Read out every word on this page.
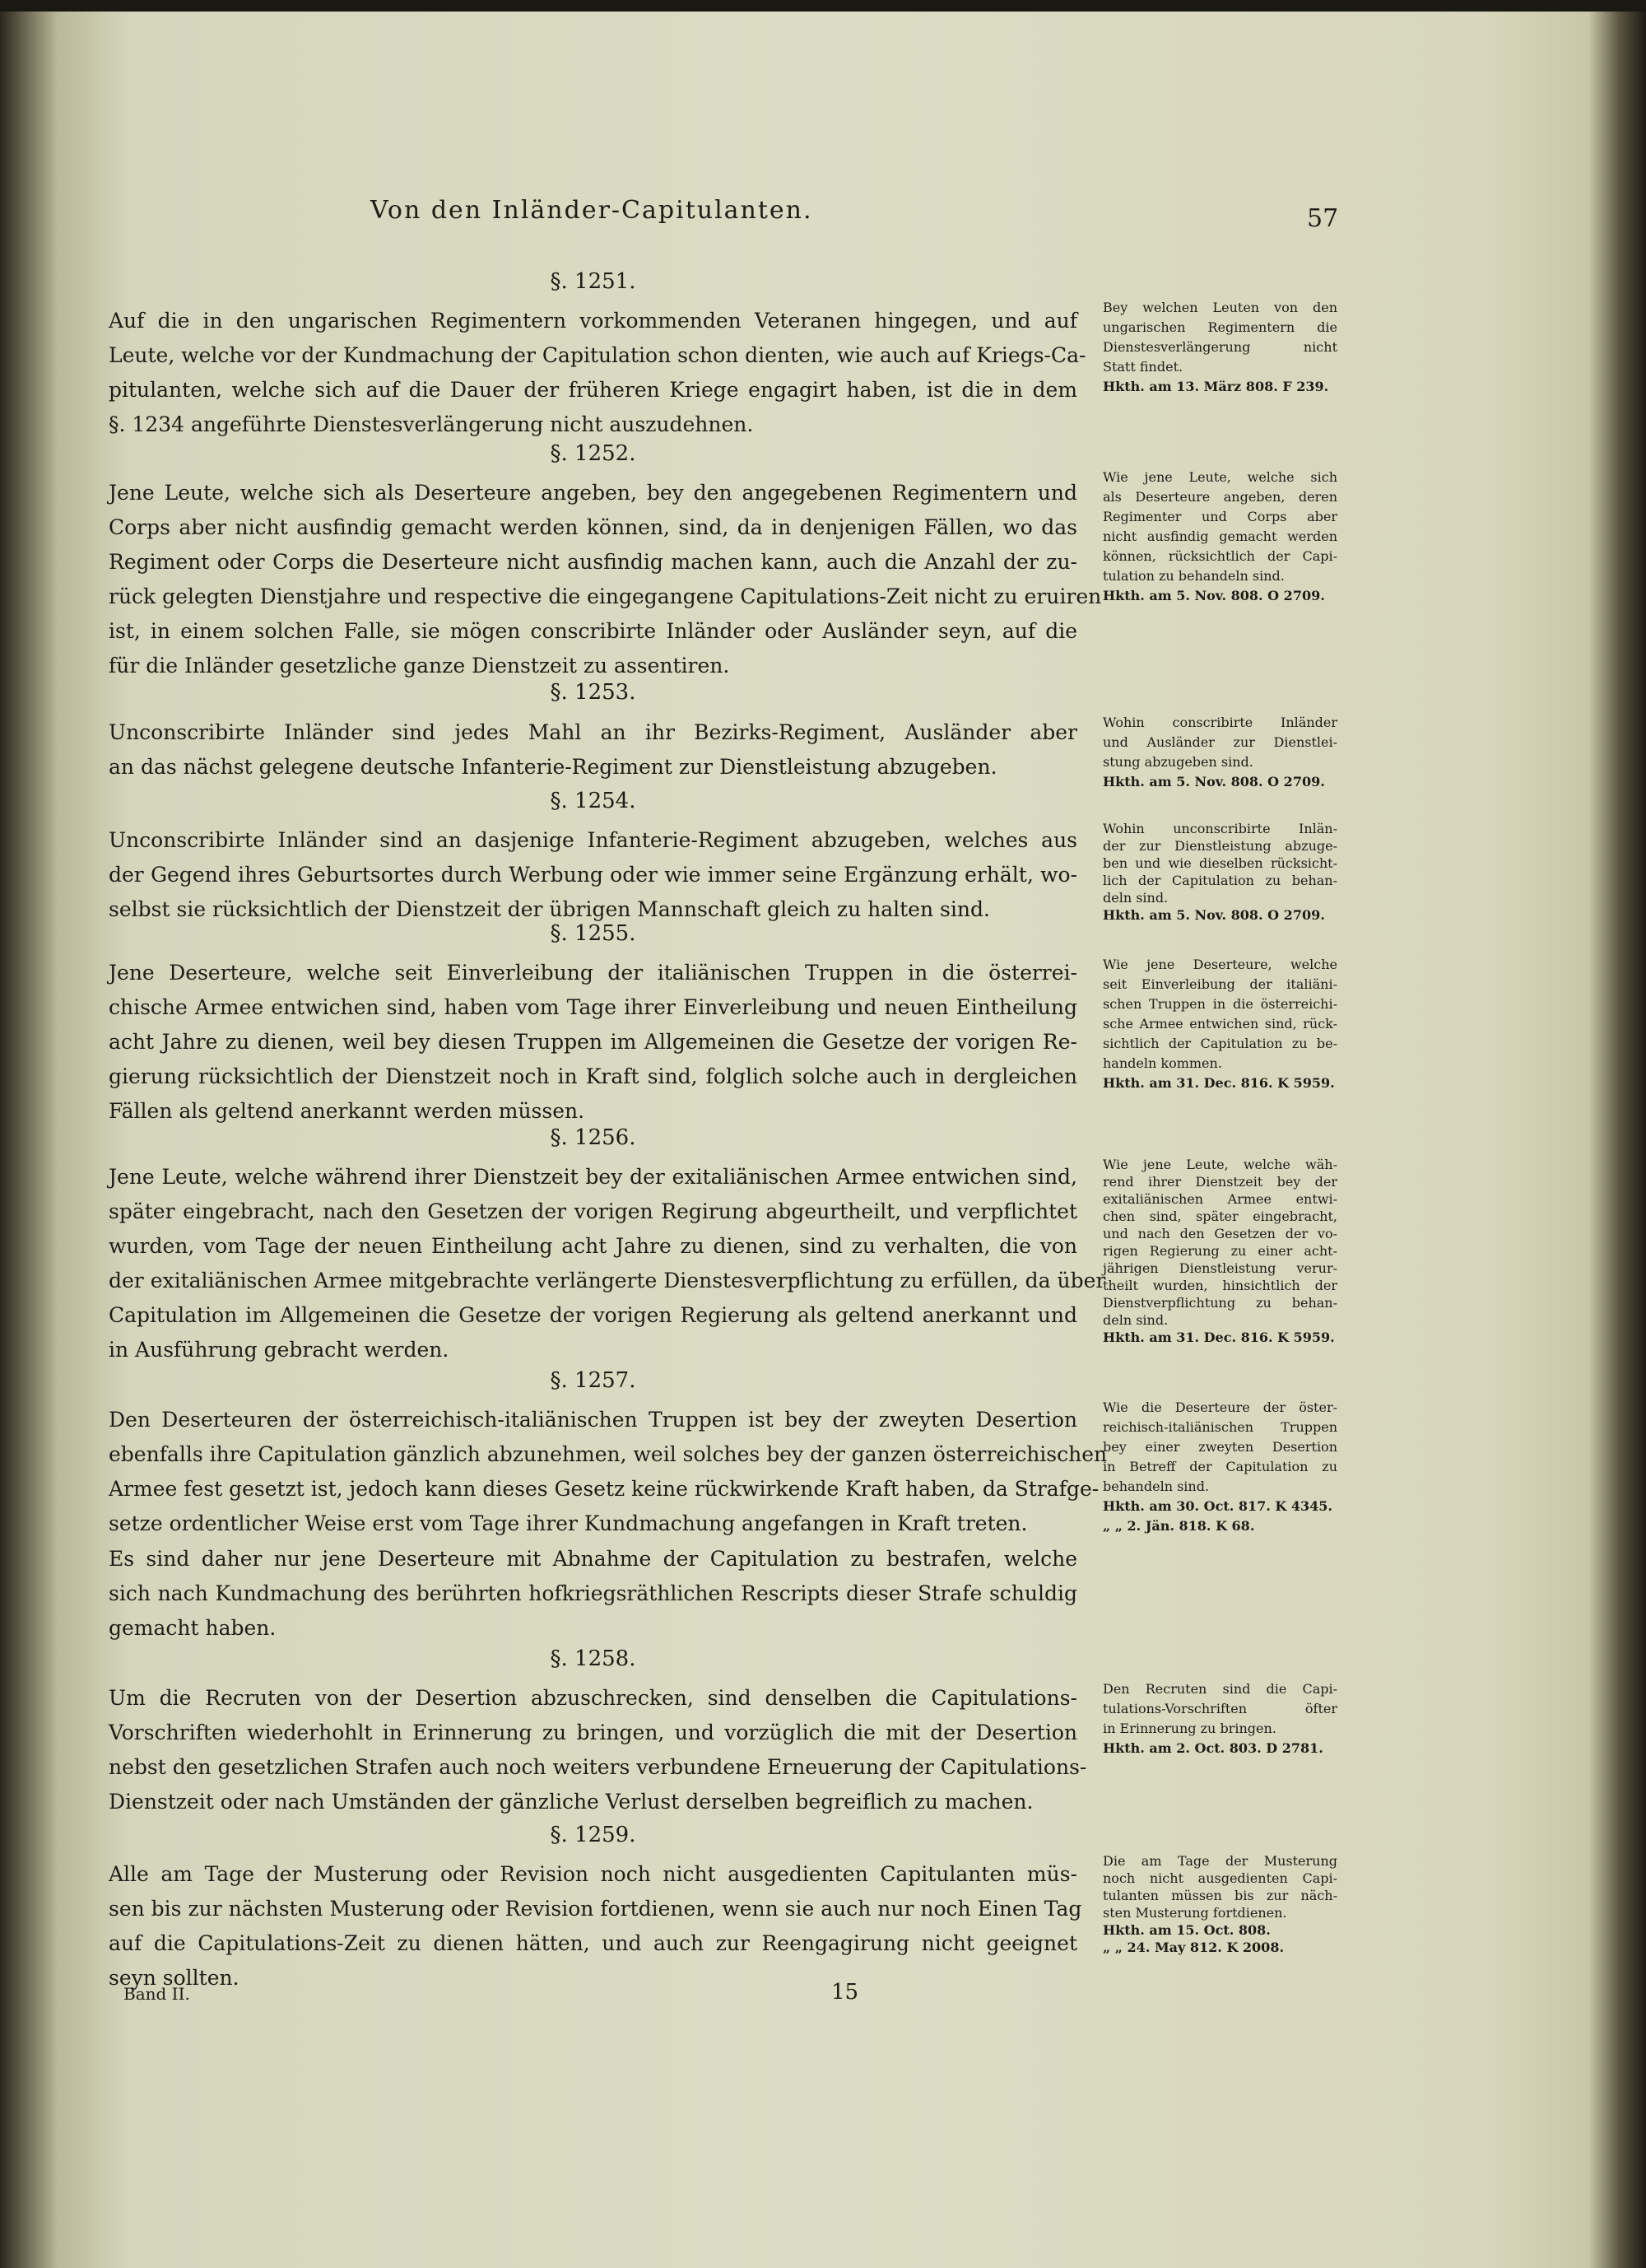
Von den Inländer-Capitulanten.	57
§. 1251.
Auf die in den ungarischen Regimentern vorkommenden Veteranen hingegen, und auf
Leute, welche vor der Kundmachung der Capitulation schon dienten, wie auch auf Kriegs-Ca-
pitulanten, welche sich auf die Dauer der früheren Kriege engagirt haben, ist die in dem
§. 1234 angeführte Dienstesverlängerung nicht auszudehnen.
§. 1252.
Jene Leute, welche sich als Deserteure angeben, bey den angegebenen Regimentern und
Corps aber nicht ausfindig gemacht werden können, sind, da in denjenigen Fällen, wo das
Regiment oder Corps die Deserteure nicht ausfindig machen kann, auch die Anzahl der zu-
rück gelegten Dienstjahre und respective die eingegangene Capitulations-Zeit nicht zu eruiren
ist, in einem solchen Falle, sie mögen conscribirte Inländer oder Ausländer seyn, auf die
für die Inländer gesetzliche ganze Dienstzeit zu assentiren.
§. 1253.
Unconscribirte Inländer sind jedes Mahl an ihr Bezirks-Regiment, Ausländer aber
an das nächst gelegene deutsche Infanterie-Regiment zur Dienstleistung abzugeben.
§. 1254.
Unconscribirte Inländer sind an dasjenige Infanterie-Regiment abzugeben, welches aus
der Gegend ihres Geburtsortes durch Werbung oder wie immer seine Ergänzung erhält, wo-
selbst sie rücksichtlich der Dienstzeit der übrigen Mannschaft gleich zu halten sind.
§. 1255.
Jene Deserteure, welche seit Einverleibung der italiänischen Truppen in die österrei-
chische Armee entwichen sind, haben vom Tage ihrer Einverleibung und neuen Eintheilung
acht Jahre zu dienen, weil bey diesen Truppen im Allgemeinen die Gesetze der vorigen Re-
gierung rücksichtlich der Dienstzeit noch in Kraft sind, folglich solche auch in dergleichen
Fällen als geltend anerkannt werden müssen.
§. 1256.
Jene Leute, welche während ihrer Dienstzeit bey der exitaliänischen Armee entwichen sind,
später eingebracht, nach den Gesetzen der vorigen Regirung abgeurtheilt, und verpflichtet
wurden, vom Tage der neuen Eintheilung acht Jahre zu dienen, sind zu verhalten, die von
der exitaliänischen Armee mitgebrachte verlängerte Dienstesverpflichtung zu erfüllen, da über
Capitulation im Allgemeinen die Gesetze der vorigen Regierung als geltend anerkannt und
in Ausführung gebracht werden.
§. 1257.
Den Deserteuren der österreichisch-italiänischen Truppen ist bey der zweyten Desertion
ebenfalls ihre Capitulation gänzlich abzunehmen, weil solches bey der ganzen österreichischen
Armee fest gesetzt ist, jedoch kann dieses Gesetz keine rückwirkende Kraft haben, da Strafge-
setze ordentlicher Weise erst vom Tage ihrer Kundmachung angefangen in Kraft treten.
Es sind daher nur jene Deserteure mit Abnahme der Capitulation zu bestrafen, welche
sich nach Kundmachung des berührten hofkriegsräthlichen Rescripts dieser Strafe schuldig
gemacht haben.
§. 1258.
Um die Recruten von der Desertion abzuschrecken, sind denselben die Capitulations-
Vorschriften wiederhohlt in Erinnerung zu bringen, und vorzüglich die mit der Desertion
nebst den gesetzlichen Strafen auch noch weiters verbundene Erneuerung der Capitulations-
Dienstzeit oder nach Umständen der gänzliche Verlust derselben begreiflich zu machen.
§. 1259.
Alle am Tage der Musterung oder Revision noch nicht ausgedienten Capitulanten müs-
sen bis zur nächsten Musterung oder Revision fortdienen, wenn sie auch nur noch Einen Tag
auf die Capitulations-Zeit zu dienen hätten, und auch zur Reengagirung nicht geeignet
seyn sollten.
Bey welchen Leuten von den
ungarischen Regimentern die
Dienstesverlängerung nicht
Statt findet.
Hkth. am 13. März 808. F 239.
Wie jene Leute, welche sich
als Deserteure angeben, deren
Regimenter und Corps aber
nicht ausfindig gemacht werden
können, rücksichtlich der Capi-
tulation zu behandeln sind.
Hkth. am 5. Nov. 808. O 2709.
Wohin conscribirte Inländer
und Ausländer zur Dienstlei-
stung abzugeben sind.
Hkth. am 5. Nov. 808. O 2709.
Wohin unconscribirte Inlän-
der zur Dienstleistung abzuge-
ben und wie dieselben rücksicht-
lich der Capitulation zu behan-
deln sind.
Hkth. am 5. Nov. 808. O 2709.
Wie jene Deserteure, welche
seit Einverleibung der italiäni-
schen Truppen in die österreichi-
sche Armee entwichen sind, rück-
sichtlich der Capitulation zu be-
handeln kommen.
Hkth. am 31. Dec. 816. K 5959.
Wie jene Leute, welche wäh-
rend ihrer Dienstzeit bey der
exitaliänischen Armee entwi-
chen sind, später eingebracht,
und nach den Gesetzen der vo-
rigen Regierung zu einer acht-
jährigen Dienstleistung verur-
theilt wurden, hinsichtlich der
Dienstverpflichtung zu behan-
deln sind.
Hkth. am 31. Dec. 816. K 5959.
Wie die Deserteure der öster-
reichisch-italiänischen Truppen
bey einer zweyten Desertion
in Betreff der Capitulation zu
behandeln sind.
Hkth. am 30. Oct. 817. K 4345.
„ „ 2. Jän. 818. K 68.
Den Recruten sind die Capi-
tulations-Vorschriften öfter
in Erinnerung zu bringen.
Hkth. am 2. Oct. 803. D 2781.
Die am Tage der Musterung
noch nicht ausgedienten Capi-
tulanten müssen bis zur näch-
sten Musterung fortdienen.
Hkth. am 15. Oct. 808.
„ „ 24. May 812. K 2008.
Band II.	15
